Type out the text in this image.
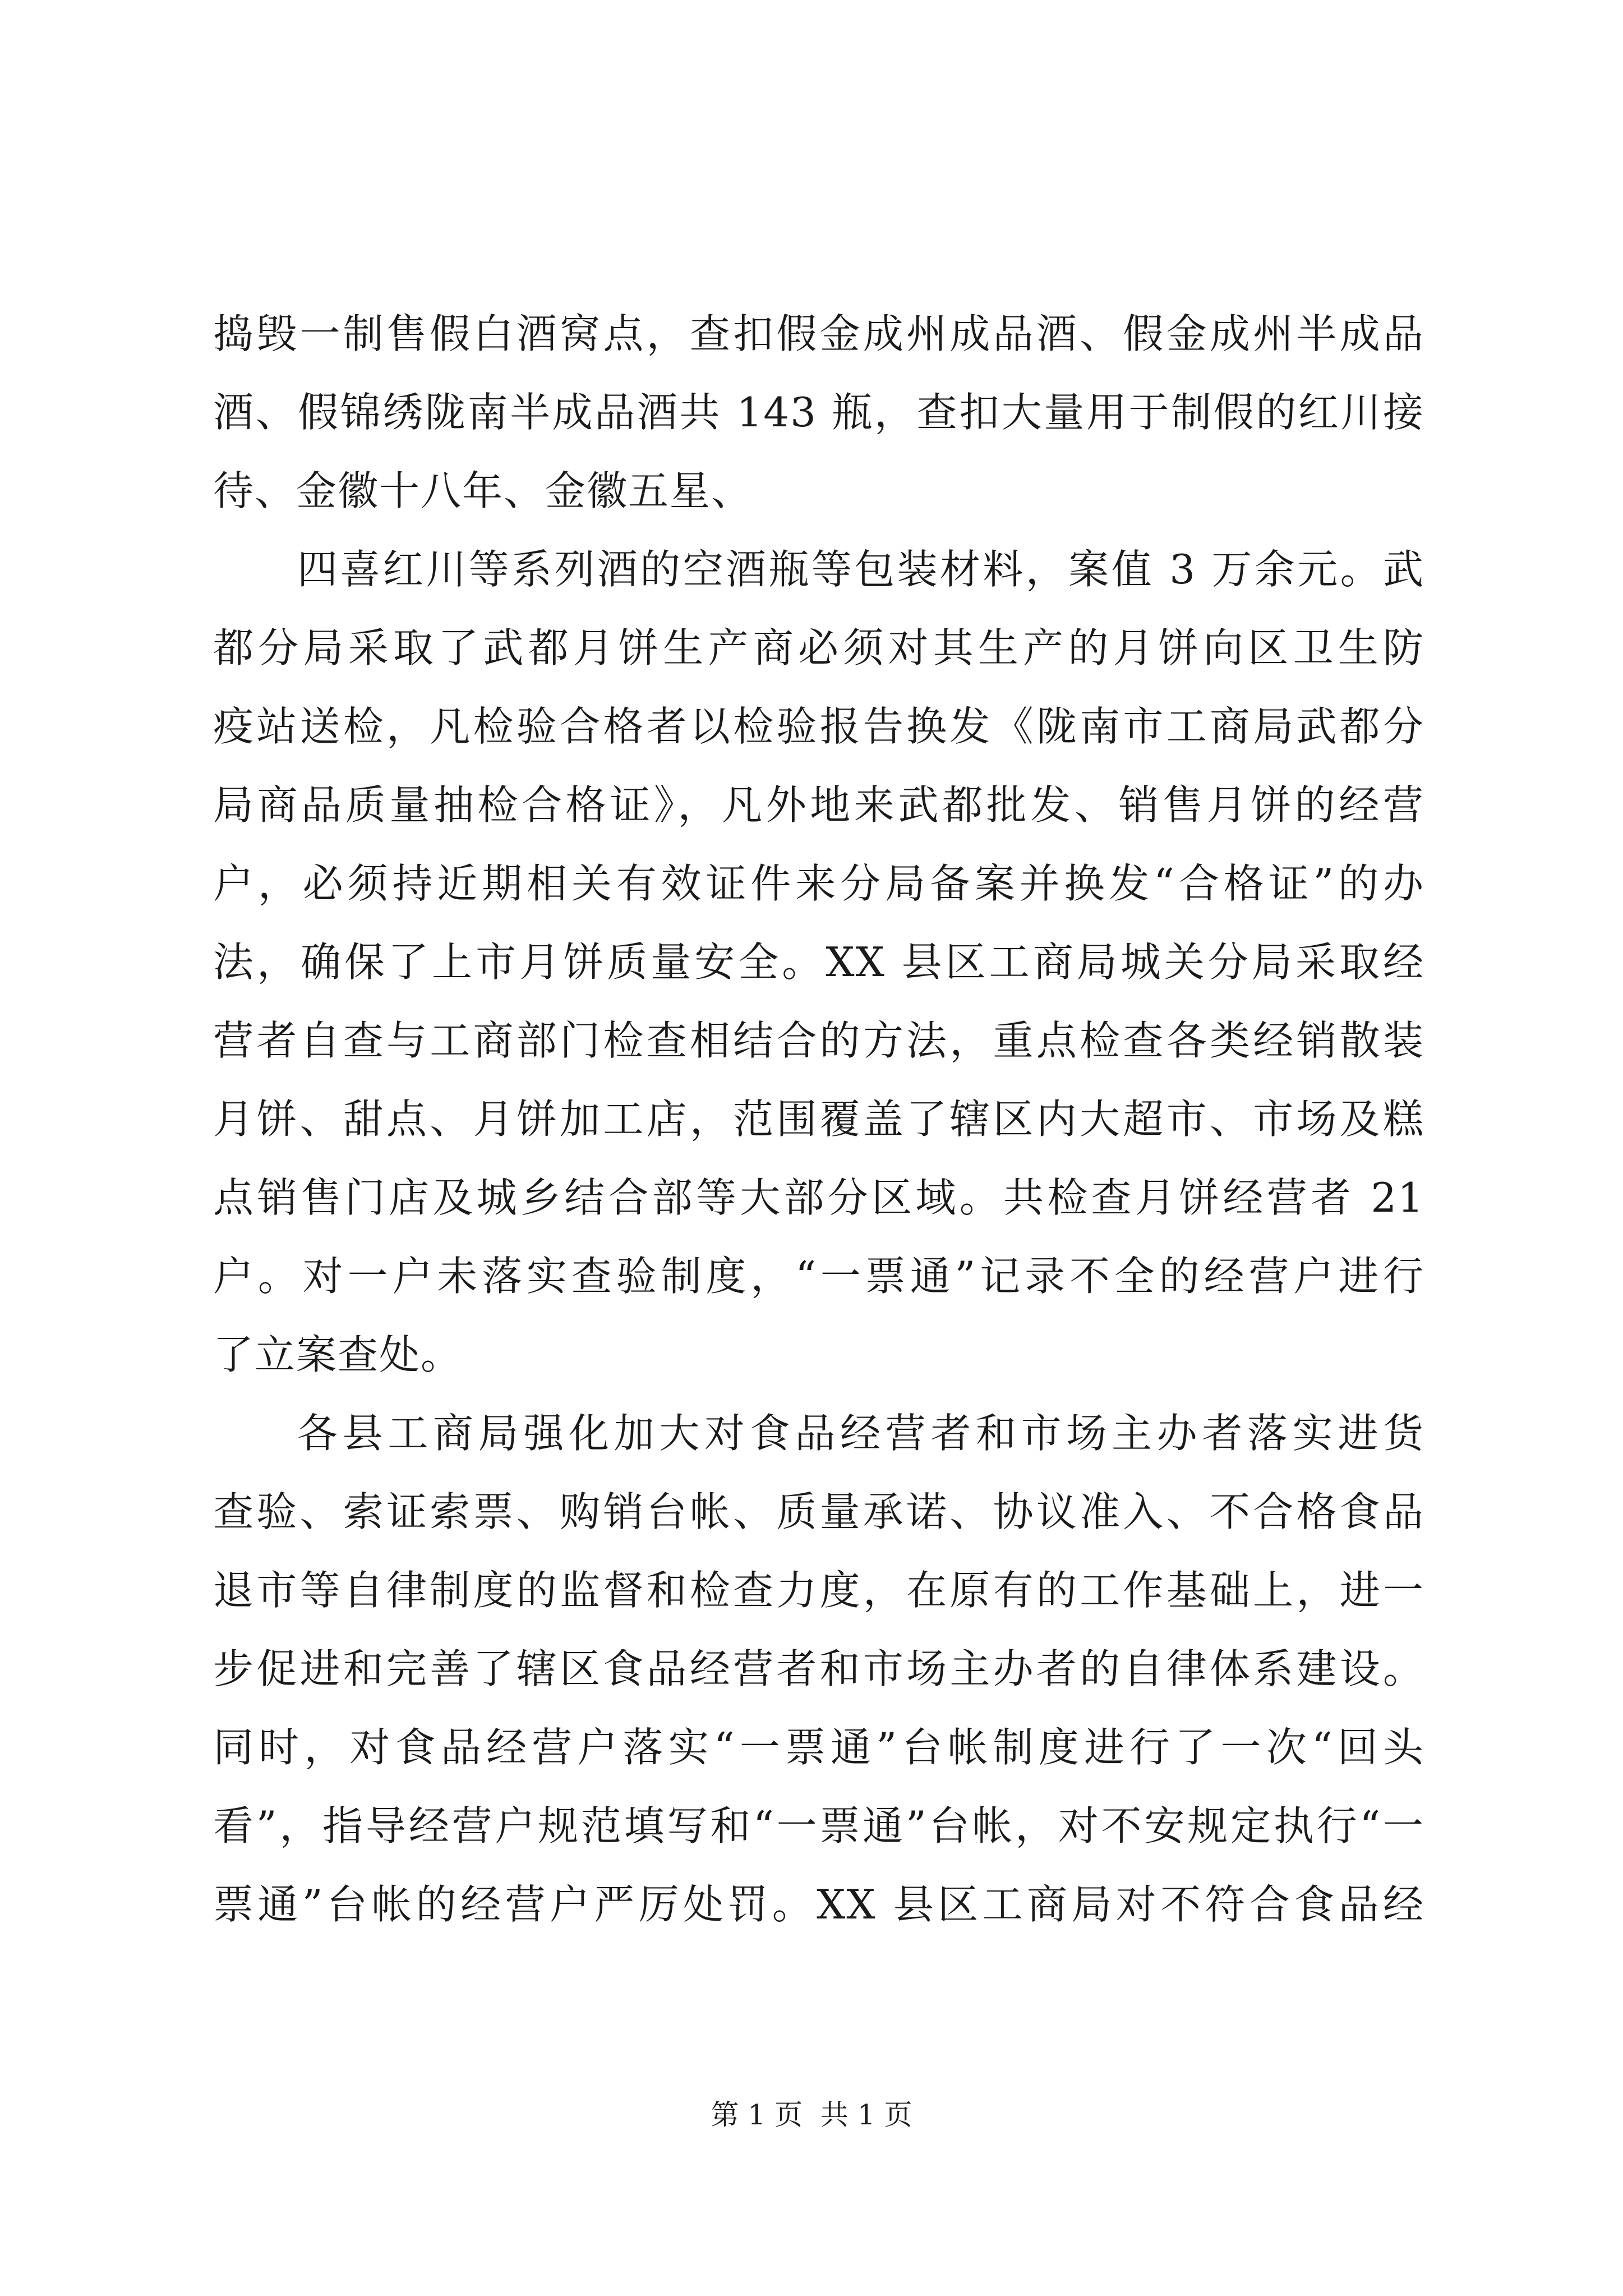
捣毁一制售假白酒窝点，查扣假金成州成品酒、假金成州半成品
酒、假锦绣陇南半成品酒共 143 瓶，查扣大量用于制假的红川接
待、金徽十八年、金徽五星、
四喜红川等系列酒的空酒瓶等包装材料，案值 3 万余元。武
都分局采取了武都月饼生产商必须对其生产的月饼向区卫生防
疫站送检，凡检验合格者以检验报告换发《陇南市工商局武都分
局商品质量抽检合格证》，凡外地来武都批发、销售月饼的经营
户，必须持近期相关有效证件来分局备案并换发“合格证”的办
法，确保了上市月饼质量安全。XX 县区工商局城关分局采取经
营者自查与工商部门检查相结合的方法，重点检查各类经销散装
月饼、甜点、月饼加工店，范围覆盖了辖区内大超市、市场及糕
点销售门店及城乡结合部等大部分区域。共检查月饼经营者 21
户。对一户未落实查验制度，“一票通”记录不全的经营户进行
了立案查处。
各县工商局强化加大对食品经营者和市场主办者落实进货
查验、索证索票、购销台帐、质量承诺、协议准入、不合格食品
退市等自律制度的监督和检查力度，在原有的工作基础上，进一
步促进和完善了辖区食品经营者和市场主办者的自律体系建设。
同时，对食品经营户落实“一票通”台帐制度进行了一次“回头
看”，指导经营户规范填写和“一票通”台帐，对不安规定执行“一
票通”台帐的经营户严厉处罚。XX 县区工商局对不符合食品经
第 1 页  共 1 页
